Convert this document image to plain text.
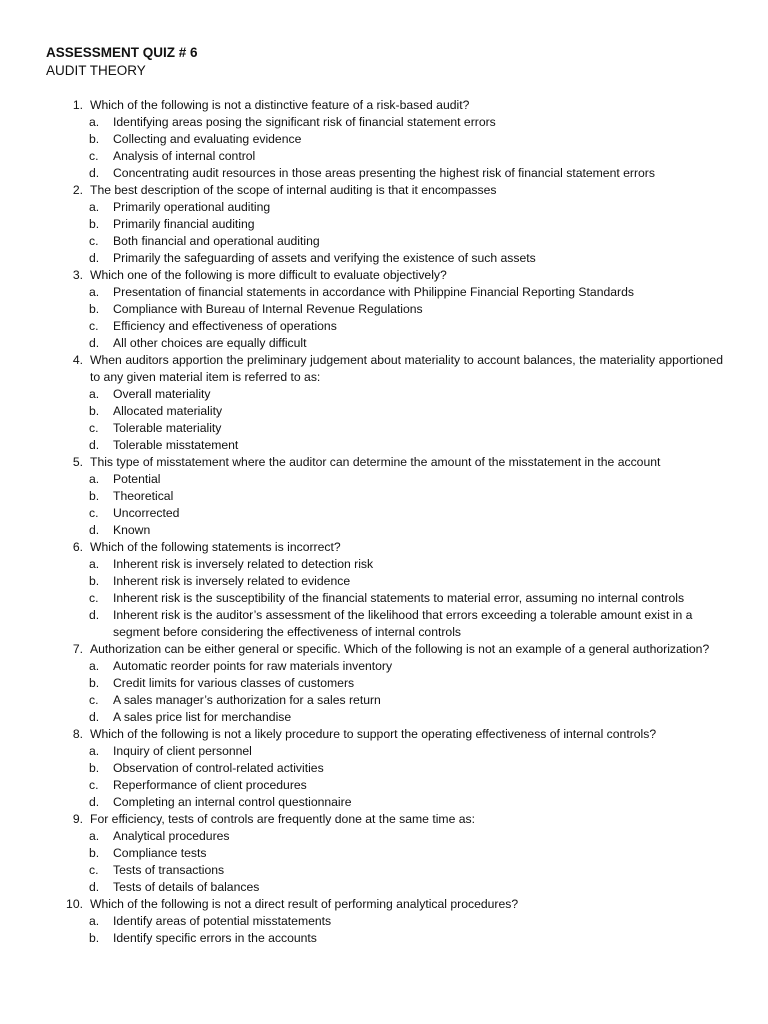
ASSESSMENT QUIZ # 6
AUDIT THEORY
1. Which of the following is not a distinctive feature of a risk-based audit?
a.	Identifying areas posing the significant risk of financial statement errors
b.	Collecting and evaluating evidence
c.	Analysis of internal control
d.	Concentrating audit resources in those areas presenting the highest risk of financial statement errors
2. The best description of the scope of internal auditing is that it encompasses
a.	Primarily operational auditing
b.	Primarily financial auditing
c.	Both financial and operational auditing
d.	Primarily the safeguarding of assets and verifying the existence of such assets
3. Which one of the following is more difficult to evaluate objectively?
a.	Presentation of financial statements in accordance with Philippine Financial Reporting Standards
b.	Compliance with Bureau of Internal Revenue Regulations
c.	Efficiency and effectiveness of operations
d.	All other choices are equally difficult
4. When auditors apportion the preliminary judgement about materiality to account balances, the materiality apportioned to any given material item is referred to as:
a.	Overall materiality
b.	Allocated materiality
c.	Tolerable materiality
d.	Tolerable misstatement
5. This type of misstatement where the auditor can determine the amount of the misstatement in the account
a.	Potential
b.	Theoretical
c.	Uncorrected
d.	Known
6. Which of the following statements is incorrect?
a.	Inherent risk is inversely related to detection risk
b.	Inherent risk is inversely related to evidence
c.	Inherent risk is the susceptibility of the financial statements to material error, assuming no internal controls
d.	Inherent risk is the auditor’s assessment of the likelihood that errors exceeding a tolerable amount exist in a segment before considering the effectiveness of internal controls
7. Authorization can be either general or specific. Which of the following is not an example of a general authorization?
a.	Automatic reorder points for raw materials inventory
b.	Credit limits for various classes of customers
c.	A sales manager’s authorization for a sales return
d.	A sales price list for merchandise
8. Which of the following is not a likely procedure to support the operating effectiveness of internal controls?
a.	Inquiry of client personnel
b.	Observation of control-related activities
c.	Reperformance of client procedures
d.	Completing an internal control questionnaire
9. For efficiency, tests of controls are frequently done at the same time as:
a.	Analytical procedures
b.	Compliance tests
c.	Tests of transactions
d.	Tests of details of balances
10. Which of the following is not a direct result of performing analytical procedures?
a.	Identify areas of potential misstatements
b.	Identify specific errors in the accounts
